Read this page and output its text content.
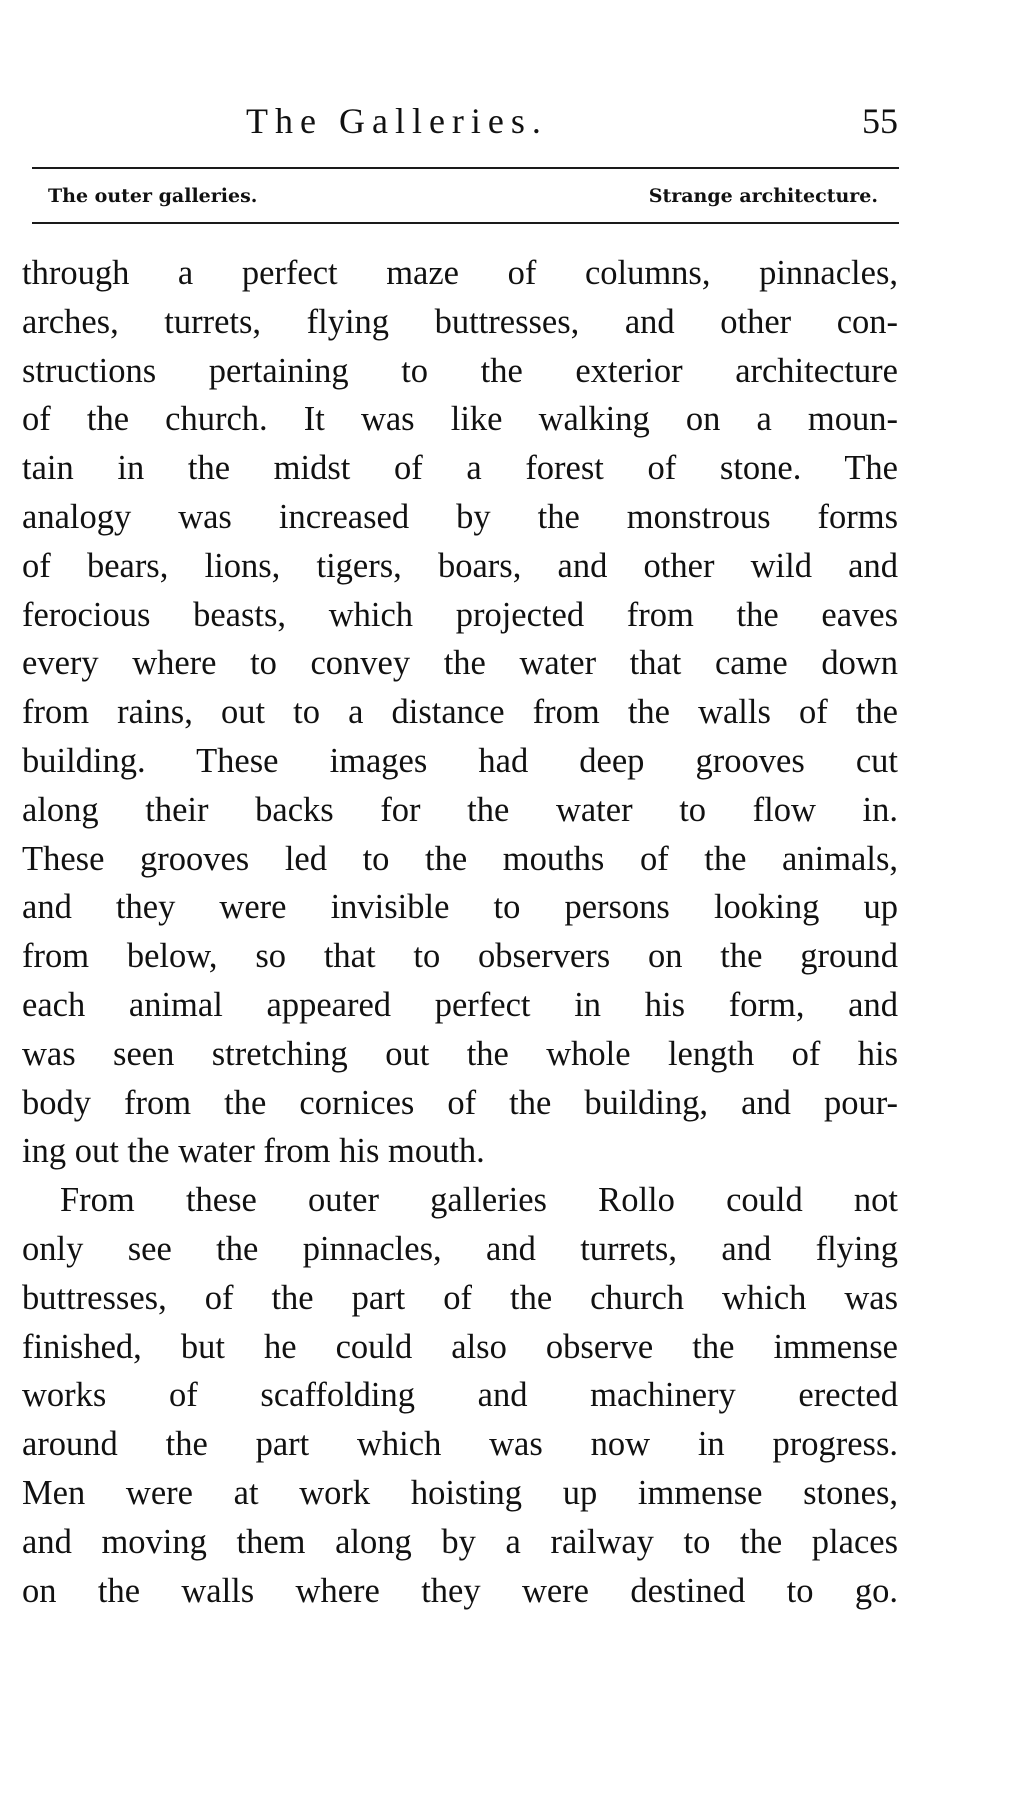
The Galleries.	55
The outer galleries.	Strange architecture.
through a perfect maze of columns, pinnacles,
arches, turrets, flying buttresses, and other con-
structions pertaining to the exterior architecture
of the church. It was like walking on a moun-
tain in the midst of a forest of stone. The
analogy was increased by the monstrous forms
of bears, lions, tigers, boars, and other wild and
ferocious beasts, which projected from the eaves
every where to convey the water that came down
from rains, out to a distance from the walls of the
building. These images had deep grooves cut
along their backs for the water to flow in.
These grooves led to the mouths of the animals,
and they were invisible to persons looking up
from below, so that to observers on the ground
each animal appeared perfect in his form, and
was seen stretching out the whole length of his
body from the cornices of the building, and pour-
ing out the water from his mouth.
From these outer galleries Rollo could not
only see the pinnacles, and turrets, and flying
buttresses, of the part of the church which was
finished, but he could also observe the immense
works of scaffolding and machinery erected
around the part which was now in progress.
Men were at work hoisting up immense stones,
and moving them along by a railway to the places
on the walls where they were destined to go.
